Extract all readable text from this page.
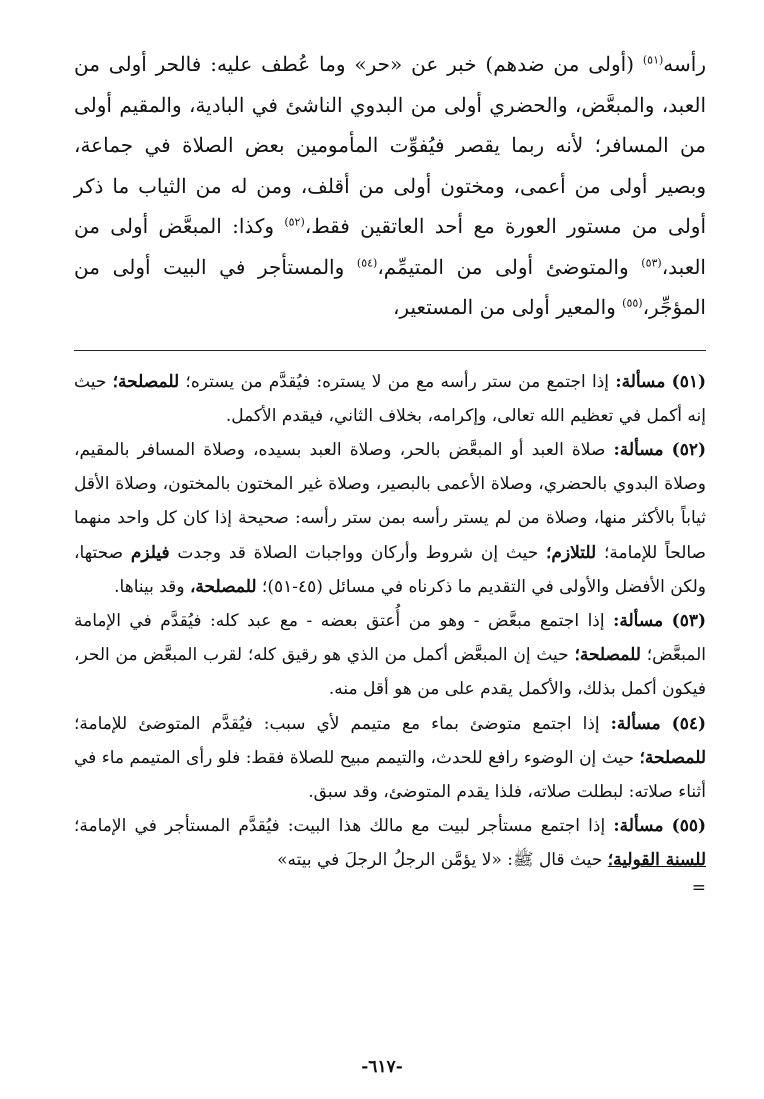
رأسه$^{(٥١)}$ (أولى من ضدهم) خبر عن «حر» وما عُطف عليه: فالحر أولى من العبد، والمبعَّض، والحضري أولى من البدوي الناشئ في البادية، والمقيم أولى من المسافر؛ لأنه ربما يقصر فيُفوِّت المأمومين بعض الصلاة في جماعة، وبصير أولى من أعمى، ومختون أولى من أقلف، ومن له من الثياب ما ذكر أولى من مستور العورة مع أحد العاتقين فقط،$^{(٥٢)}$ وكذا: المبعَّض أولى من العبد،$^{(٥٣)}$ والمتوضئ أولى من المتيمِّم،$^{(٥٤)}$ والمستأجر في البيت أولى من المؤجِّر،$^{(٥٥)}$ والمعير أولى من المستعير،

(٥١) مسألة: إذا اجتمع من ستر رأسه مع من لا يستره: فيُقدَّم من يستره؛ للمصلحة؛ حيث إنه أكمل في تعظيم الله تعالى، وإكرامه، بخلاف الثاني، فيقدم الأكمل.

(٥٢) مسألة: صلاة العبد أو المبعَّض بالحر، وصلاة العبد بسيده، وصلاة المسافر بالمقيم، وصلاة البدوي بالحضري، وصلاة الأعمى بالبصير، وصلاة غير المختون بالمختون، وصلاة الأقل ثياباً بالأكثر منها، وصلاة من لم يستر رأسه بمن ستر رأسه: صحيحة إذا كان كل واحد منهما صالحاً للإمامة؛ للتلازم؛ حيث إن شروط وأركان وواجبات الصلاة قد وجدت فيلزم صحتها، ولكن الأفضل والأولى في التقديم ما ذكرناه في مسائل (٤٥-٥١)؛ للمصلحة، وقد بيناها.

(٥٣) مسألة: إذا اجتمع مبعَّض - وهو من أُعتق بعضه - مع عبد كله: فيُقدَّم في الإمامة المبعَّض؛ للمصلحة؛ حيث إن المبعَّض أكمل من الذي هو رقيق كله؛ لقرب المبعَّض من الحر، فيكون أكمل بذلك، والأكمل يقدم على من هو أقل منه.

(٥٤) مسألة: إذا اجتمع متوضئ بماء مع متيمم لأي سبب: فيُقدَّم المتوضئ للإمامة؛ للمصلحة؛ حيث إن الوضوء رافع للحدث، والتيمم مبيح للصلاة فقط: فلو رأى المتيمم ماء في أثناء صلاته: لبطلت صلاته، فلذا يقدم المتوضئ، وقد سبق.

(٥٥) مسألة: إذا اجتمع مستأجر لبيت مع مالك هذا البيت: فيُقدَّم المستأجر في الإمامة؛ للسنة القولية؛ حيث قال ﷺ: «لا يؤمَّن الرجلُ الرجلَ في بيته»

=

-٦١٧-
